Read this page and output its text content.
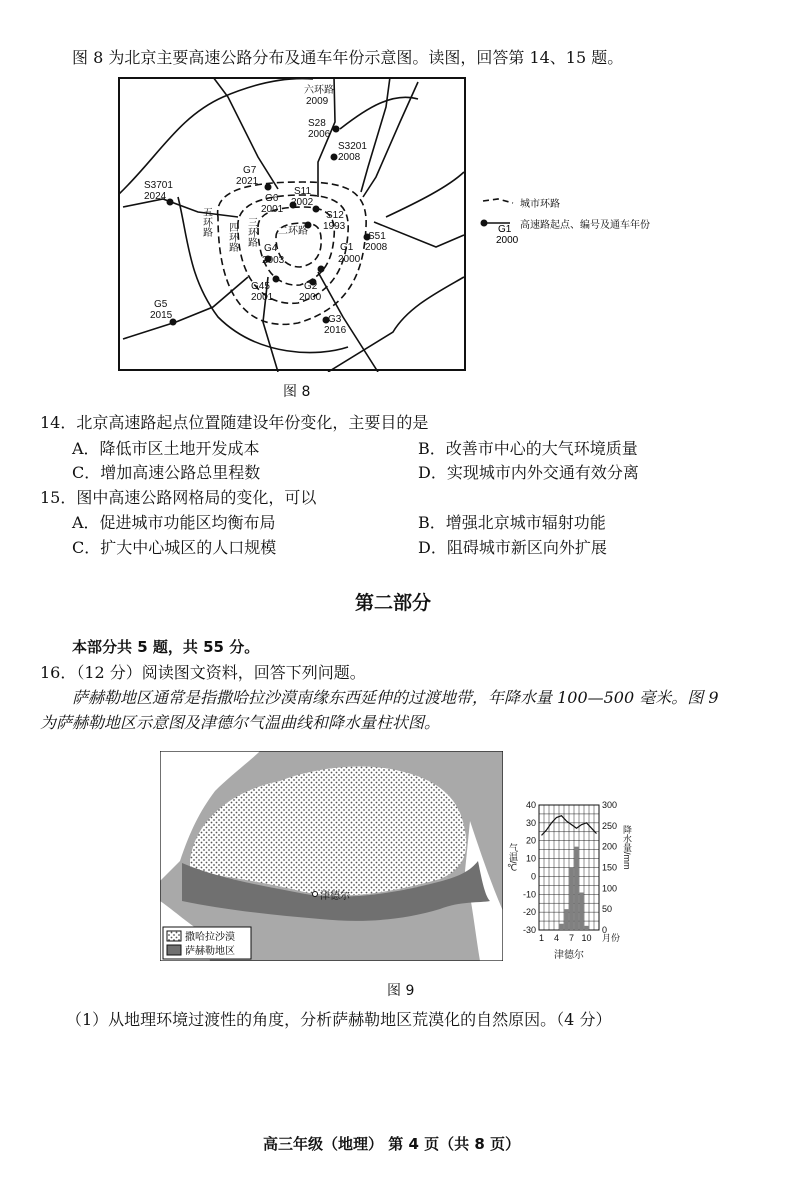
图 8 为北京主要高速公路分布及通车年份示意图。读图，回答第 14、15 题。
六环路
2009
S28
2006
S3201
2008
S3701
2024
G7
2021
G6
2001
S11
2002
S12
1993
S51
2008
G4
2003
G1
2000
G45
2001
G2
2000
G5
2015	G3
2016
五环路 四环路 三环路 二环路
城市环路
G1
2000
高速路起点、编号及通车年份
图 8
14．北京高速路起点位置随建设年份变化，主要目的是
A．降低市区土地开发成本	B．改善市中心的大气环境质量
C．增加高速公路总里程数	D．实现城市内外交通有效分离
15．图中高速公路网格局的变化，可以
A．促进城市功能区均衡布局	B．增强北京城市辐射功能
C．扩大中心城区的人口规模	D．阻碍城市新区向外扩展
第二部分
本部分共 5 题，共 55 分。
16．（12 分）阅读图文资料，回答下列问题。
萨赫勒地区通常是指撒哈拉沙漠南缘东西延伸的过渡地带，年降水量 100—500 毫米。图 9
为萨赫勒地区示意图及津德尔气温曲线和降水量柱状图。
津德尔
撒哈拉沙漠
萨赫勒地区
40
30
20
10
0
-10
-20
-30
300
250
200
150
100
50
0
1 4 7 10 月份
气温/℃	降水量/mm
津德尔
图 9
（1）从地理环境过渡性的角度，分析萨赫勒地区荒漠化的自然原因。（4 分）
高三年级（地理） 第 4 页（共 8 页）
